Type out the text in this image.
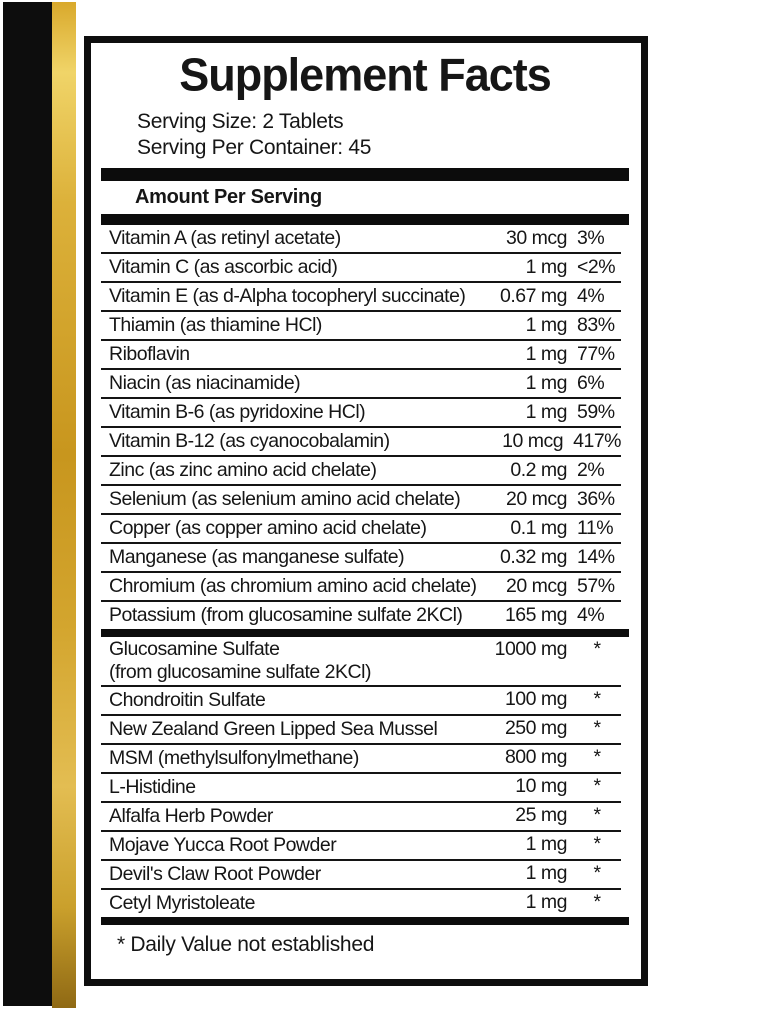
Supplement Facts
Serving Size: 2 Tablets
Serving Per Container: 45
Amount Per Serving
Vitamin A (as retinyl acetate)	30 mcg 3%
Vitamin C (as ascorbic acid)	1 mg <2%
Vitamin E (as d-Alpha tocopheryl succinate)	0.67 mg 4%
Thiamin (as thiamine HCl)	1 mg 83%
Riboflavin	1 mg 77%
Niacin (as niacinamide)	1 mg 6%
Vitamin B-6 (as pyridoxine HCl)	1 mg 59%
Vitamin B-12 (as cyanocobalamin)	10 mcg 417%
Zinc (as zinc amino acid chelate)	0.2 mg 2%
Selenium (as selenium amino acid chelate)	20 mcg 36%
Copper (as copper amino acid chelate)	0.1 mg 11%
Manganese (as manganese sulfate)	0.32 mg 14%
Chromium (as chromium amino acid chelate)	20 mcg 57%
Potassium (from glucosamine sulfate 2KCl)	165 mg 4%
Glucosamine Sulfate
(from glucosamine sulfate 2KCl)
1000 mg	*
Chondroitin Sulfate	100 mg	*
New Zealand Green Lipped Sea Mussel	250 mg	*
MSM (methylsulfonylmethane)	800 mg	*
L-Histidine	10 mg	*
Alfalfa Herb Powder	25 mg	*
Mojave Yucca Root Powder	1 mg	*
Devil's Claw Root Powder	1 mg	*
Cetyl Myristoleate	1 mg	*
* Daily Value not established
